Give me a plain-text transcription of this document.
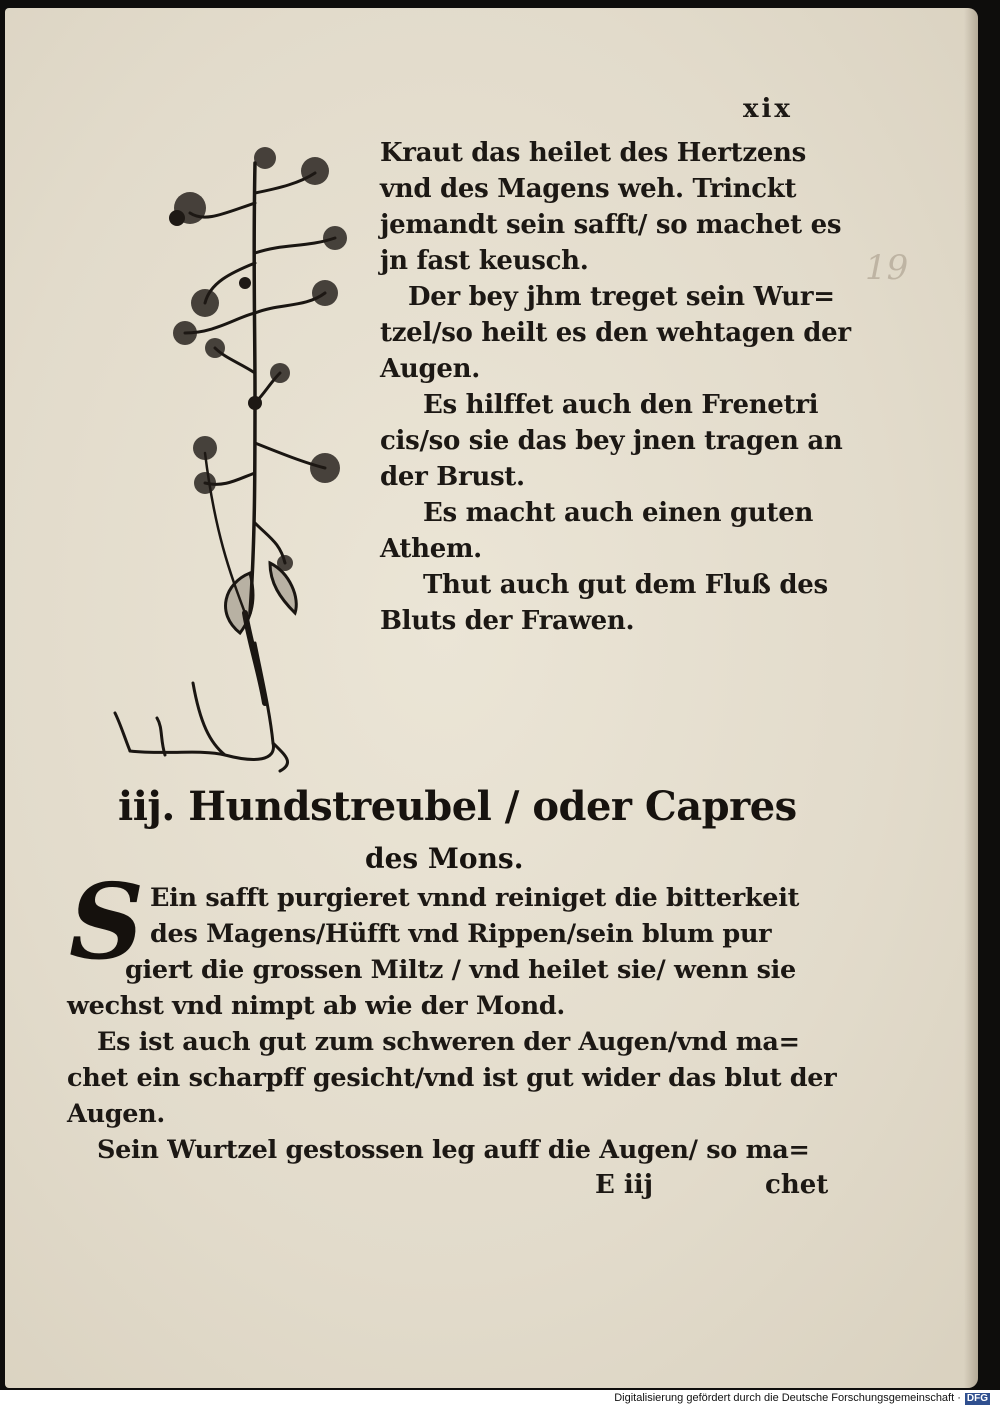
xix
19
Kraut das heilet des Hertzens
vnd des Magens weh. Trinckt
jemandt sein safft/ so machet es
jn fast keusch.
Der bey jhm treget sein Wur=
tzel/so heilt es den wehtagen der
Augen.
Es hilffet auch den Frenetri
cis/so sie das bey jnen tragen an
der Brust.
Es macht auch einen guten
Athem.
Thut auch gut dem Fluß des
Bluts der Frawen.
iij. Hundstreubel / oder Capres
des Mons.
S Ein safft purgieret vnnd reiniget die bitterkeit
des Magens/Hüfft vnd Rippen/sein blum pur
giert die grossen Miltz / vnd heilet sie/ wenn sie
wechst vnd nimpt ab wie der Mond.
Es ist auch gut zum schweren der Augen/vnd ma=
chet ein scharpff gesicht/vnd ist gut wider das blut der
Augen.
Sein Wurtzel gestossen leg auff die Augen/ so ma=
E iij	chet
Digitalisierung gefördert durch die Deutsche Forschungsgemeinschaft · DFG
